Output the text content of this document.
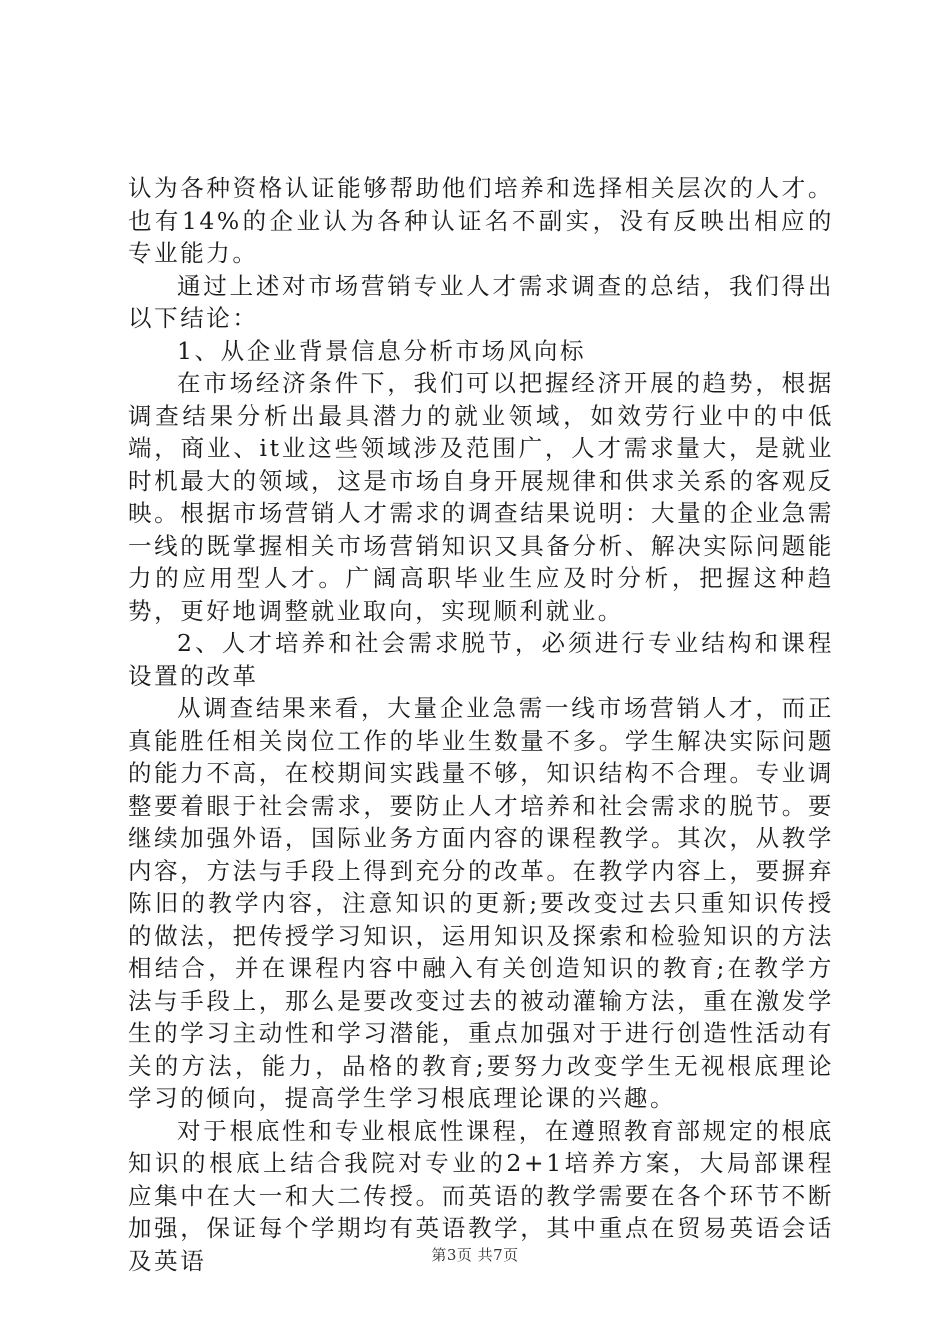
认为各种资格认证能够帮助他们培养和选择相关层次的人才。也有14%的企业认为各种认证名不副实，没有反映出相应的专业能力。

通过上述对市场营销专业人才需求调查的总结，我们得出以下结论：

1、从企业背景信息分析市场风向标

在市场经济条件下，我们可以把握经济开展的趋势，根据调查结果分析出最具潜力的就业领域，如效劳行业中的中低端，商业、it业这些领域涉及范围广，人才需求量大，是就业时机最大的领域，这是市场自身开展规律和供求关系的客观反映。根据市场营销人才需求的调查结果说明：大量的企业急需一线的既掌握相关市场营销知识又具备分析、解决实际问题能力的应用型人才。广阔高职毕业生应及时分析，把握这种趋势，更好地调整就业取向，实现顺利就业。

2、人才培养和社会需求脱节，必须进行专业结构和课程设置的改革

从调查结果来看，大量企业急需一线市场营销人才，而正真能胜任相关岗位工作的毕业生数量不多。学生解决实际问题的能力不高，在校期间实践量不够，知识结构不合理。专业调整要着眼于社会需求，要防止人才培养和社会需求的脱节。要继续加强外语，国际业务方面内容的课程教学。其次，从教学内容，方法与手段上得到充分的改革。在教学内容上，要摒弃陈旧的教学内容，注意知识的更新;要改变过去只重知识传授的做法，把传授学习知识，运用知识及探索和检验知识的方法相结合，并在课程内容中融入有关创造知识的教育;在教学方法与手段上，那么是要改变过去的被动灌输方法，重在激发学生的学习主动性和学习潜能，重点加强对于进行创造性活动有关的方法，能力，品格的教育;要努力改变学生无视根底理论学习的倾向，提高学生学习根底理论课的兴趣。

对于根底性和专业根底性课程，在遵照教育部规定的根底知识的根底上结合我院对专业的2+1培养方案，大局部课程应集中在大一和大二传授。而英语的教学需要在各个环节不断加强，保证每个学期均有英语教学，其中重点在贸易英语会话及英语	第3页 共7页
